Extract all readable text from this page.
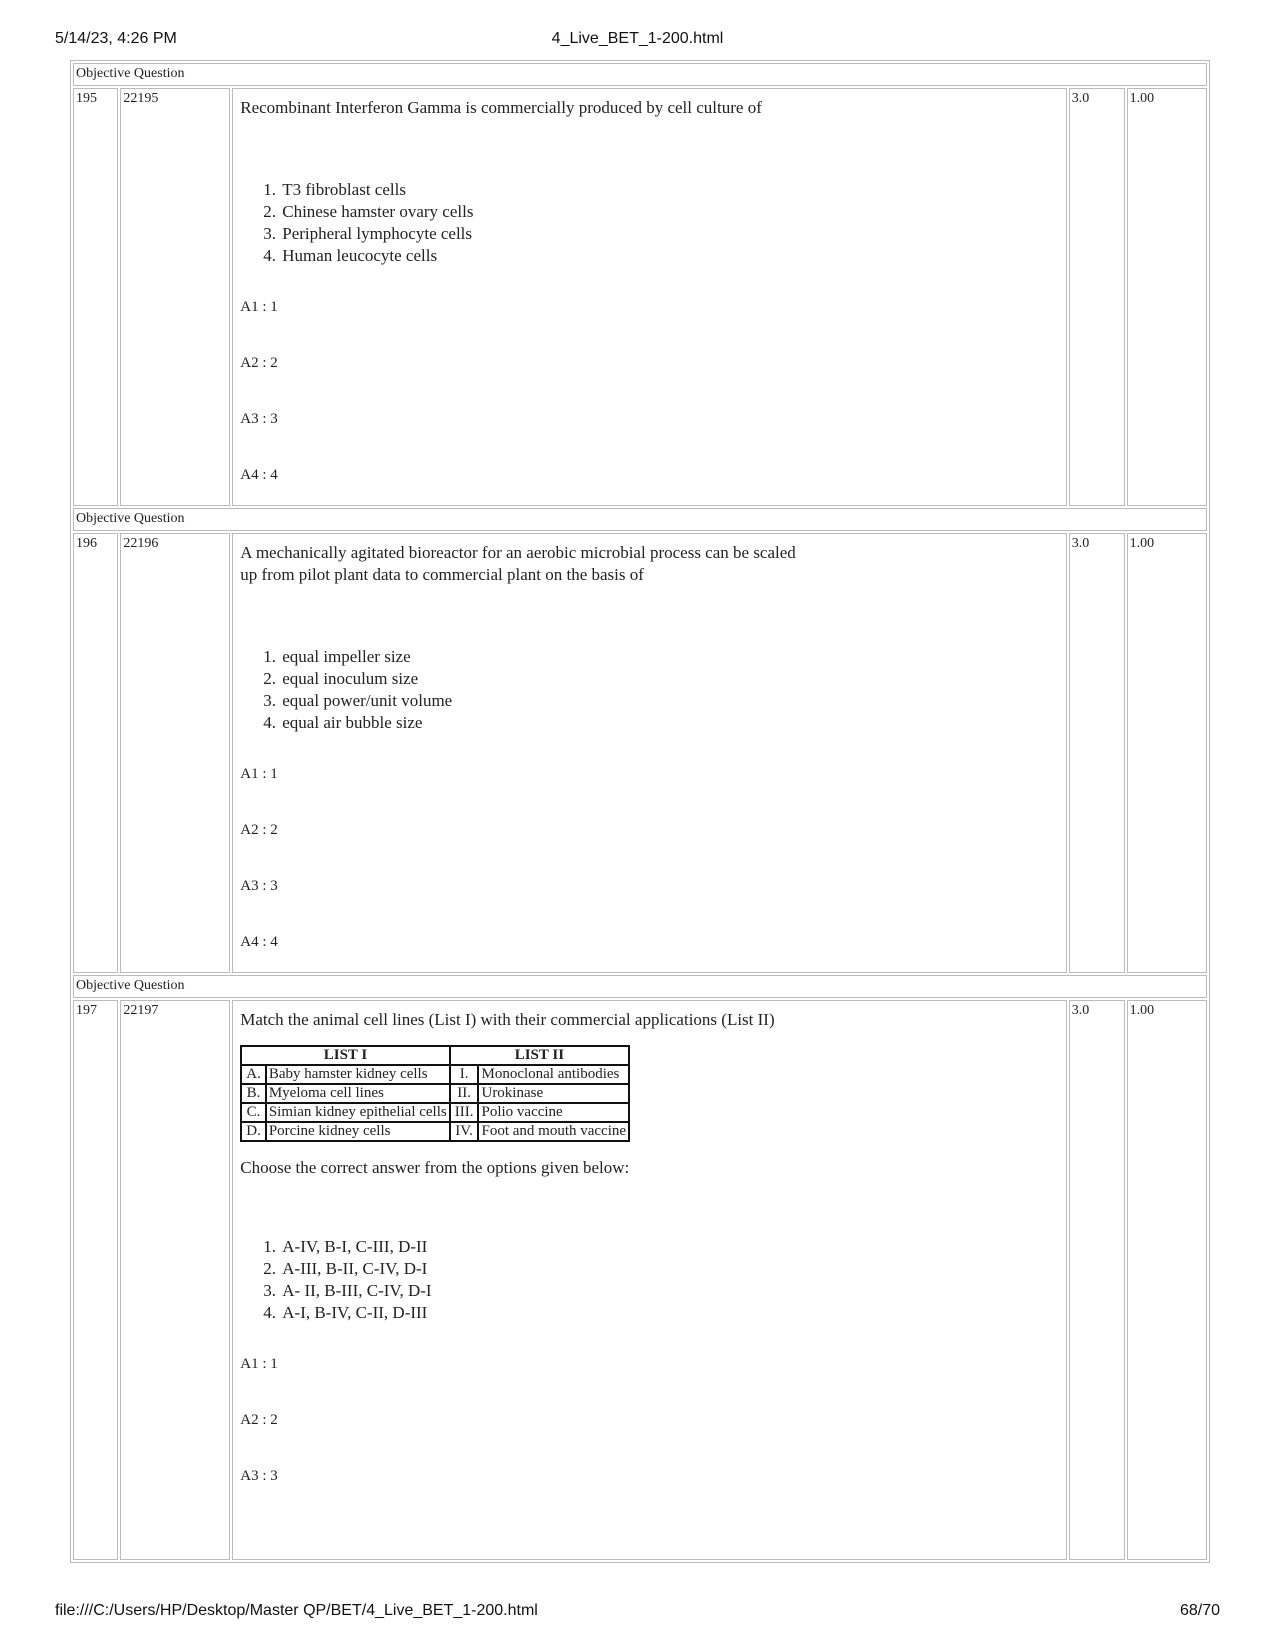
5/14/23, 4:26 PM	4_Live_BET_1-200.html
Objective Question
195	22195	Recombinant Interferon Gamma is commercially produced by cell culture of
1. T3 fibroblast cells
2. Chinese hamster ovary cells
3. Peripheral lymphocyte cells
4. Human leucocyte cells
A1 : 1
A2 : 2
A3 : 3
A4 : 4
	3.0	1.00
Objective Question
196	22196	A mechanically agitated bioreactor for an aerobic microbial process can be scaled
up from pilot plant data to commercial plant on the basis of
1. equal impeller size
2. equal inoculum size
3. equal power/unit volume
4. equal air bubble size
A1 : 1
A2 : 2
A3 : 3
A4 : 4
	3.0	1.00
Objective Question
197	22197	Match the animal cell lines (List I) with their commercial applications (List II)
LIST I	LIST II
A.	Baby hamster kidney cells	I.	Monoclonal antibodies
B.	Myeloma cell lines	II.	Urokinase
C.	Simian kidney epithelial cells	III.	Polio vaccine
D.	Porcine kidney cells	IV.	Foot and mouth vaccine
Choose the correct answer from the options given below:
1. A-IV, B-I, C-III, D-II
2. A-III, B-II, C-IV, D-I
3. A- II, B-III, C-IV, D-I
4. A-I, B-IV, C-II, D-III
A1 : 1
A2 : 2
A3 : 3
	3.0	1.00
file:///C:/Users/HP/Desktop/Master QP/BET/4_Live_BET_1-200.html	68/70
